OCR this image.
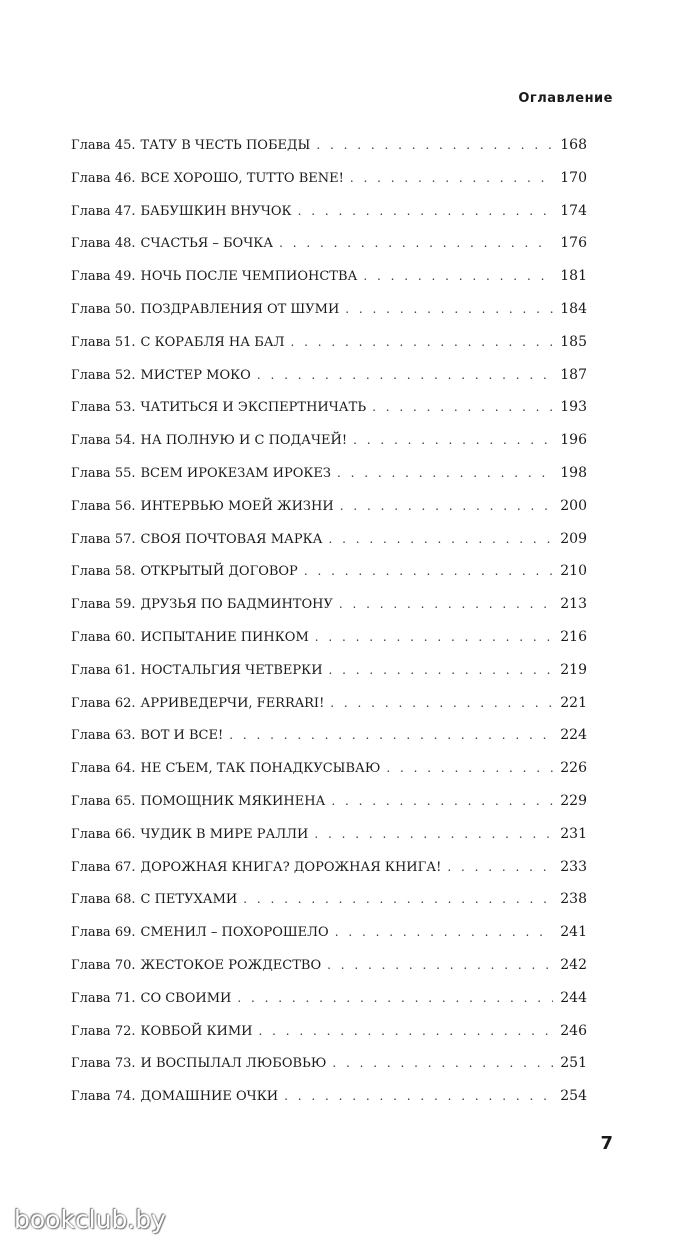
Оглавление
Глава 45. ТАТУ В ЧЕСТЬ ПОБЕДЫ . . .	168
Глава 46. ВСЕ ХОРОШО, TUTTO BENE! . . .	170
Глава 47. БАБУШКИН ВНУЧОК . . .	174
Глава 48. СЧАСТЬЯ – БОЧКА . . .	176
Глава 49. НОЧЬ ПОСЛЕ ЧЕМПИОНСТВА . . .	181
Глава 50. ПОЗДРАВЛЕНИЯ ОТ ШУМИ . . .	184
Глава 51. С КОРАБЛЯ НА БАЛ . . .	185
Глава 52. МИСТЕР МОКО . . .	187
Глава 53. ЧАТИТЬСЯ И ЭКСПЕРТНИЧАТЬ . . .	193
Глава 54. НА ПОЛНУЮ И С ПОДАЧЕЙ! . . .	196
Глава 55. ВСЕМ ИРОКЕЗАМ ИРОКЕЗ . . .	198
Глава 56. ИНТЕРВЬЮ МОЕЙ ЖИЗНИ . . .	200
Глава 57. СВОЯ ПОЧТОВАЯ МАРКА . . .	209
Глава 58. ОТКРЫТЫЙ ДОГОВОР . . .	210
Глава 59. ДРУЗЬЯ ПО БАДМИНТОНУ . . .	213
Глава 60. ИСПЫТАНИЕ ПИНКОМ . . .	216
Глава 61. НОСТАЛЬГИЯ ЧЕТВЕРКИ . . .	219
Глава 62. АРРИВЕДЕРЧИ, FERRARI! . . .	221
Глава 63. ВОТ И ВСЕ! . . .	224
Глава 64. НЕ СЪЕМ, ТАК ПОНАДКУСЫВАЮ . . .	226
Глава 65. ПОМОЩНИК МЯКИНЕНА . . .	229
Глава 66. ЧУДИК В МИРЕ РАЛЛИ . . .	231
Глава 67. ДОРОЖНАЯ КНИГА? ДОРОЖНАЯ КНИГА! . . .	233
Глава 68. С ПЕТУХАМИ . . .	238
Глава 69. СМЕНИЛ – ПОХОРОШЕЛО . . .	241
Глава 70. ЖЕСТОКОЕ РОЖДЕСТВО . . .	242
Глава 71. СО СВОИМИ . . .	244
Глава 72. КОВБОЙ КИМИ . . .	246
Глава 73. И ВОСПЫЛАЛ ЛЮБОВЬЮ . . .	251
Глава 74. ДОМАШНИЕ ОЧКИ . . .	254
7
bookclub.by
